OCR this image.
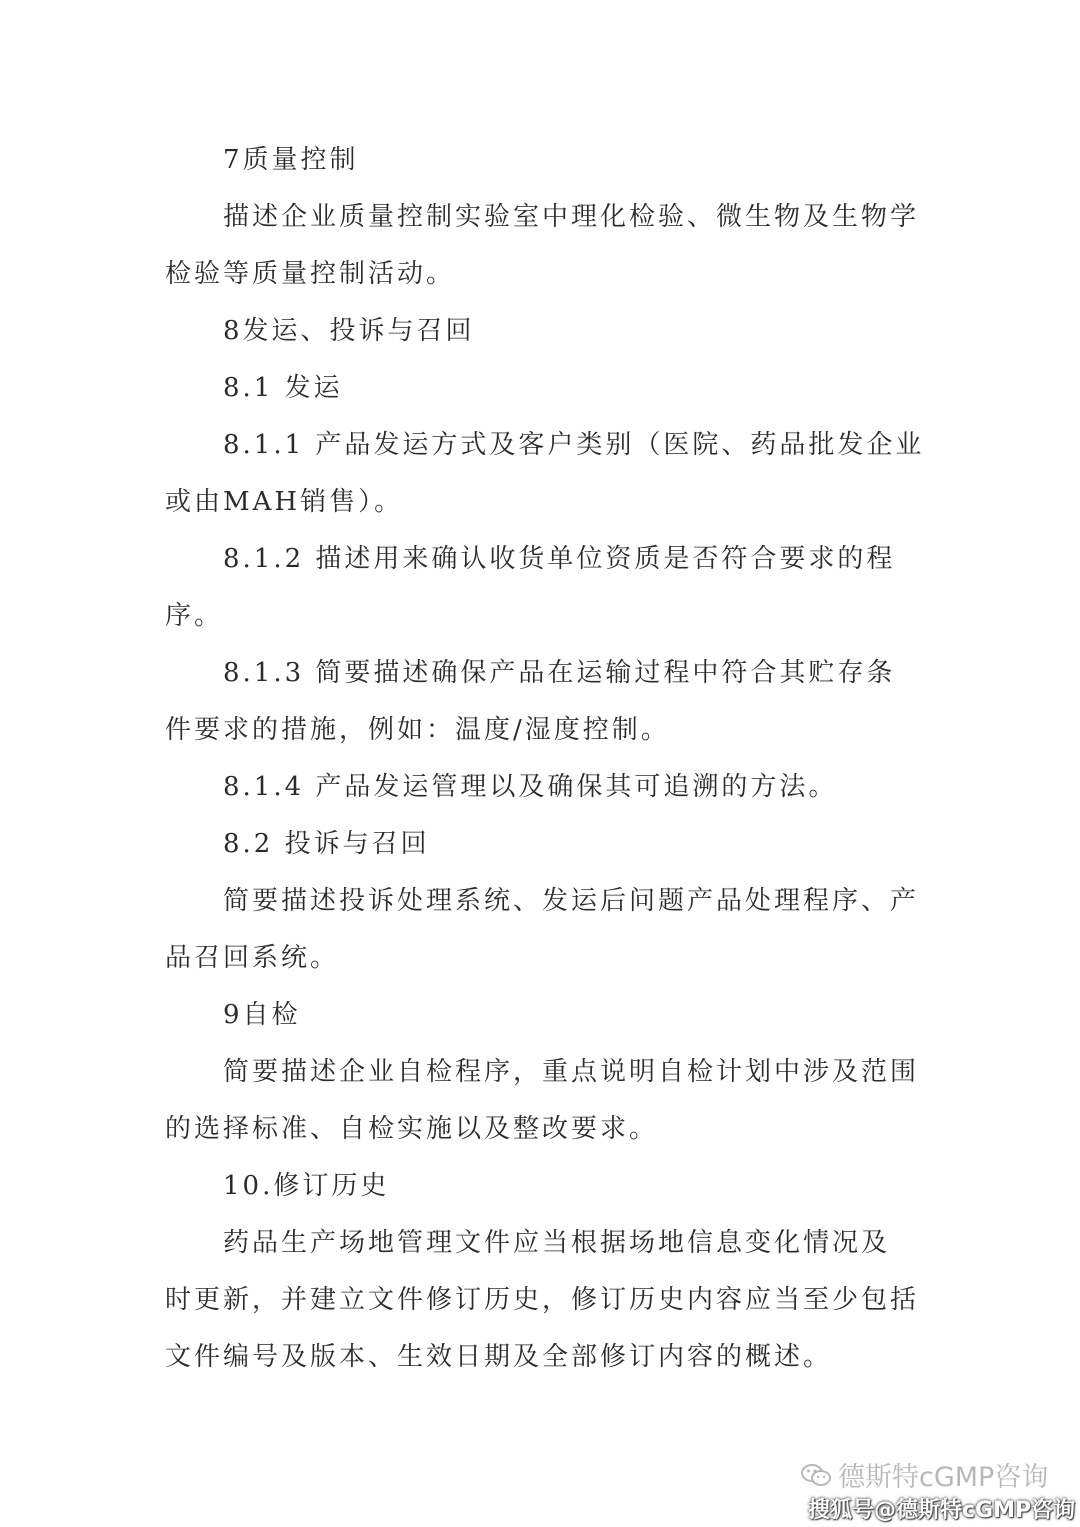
7质量控制
描述企业质量控制实验室中理化检验、微生物及生物学
检验等质量控制活动。
8发运、投诉与召回
8.1 发运
8.1.1 产品发运方式及客户类别（医院、药品批发企业
或由MAH销售）。
8.1.2 描述用来确认收货单位资质是否符合要求的程
序。
8.1.3 简要描述确保产品在运输过程中符合其贮存条
件要求的措施，例如：温度/湿度控制。
8.1.4 产品发运管理以及确保其可追溯的方法。
8.2 投诉与召回
简要描述投诉处理系统、发运后问题产品处理程序、产
品召回系统。
9自检
简要描述企业自检程序，重点说明自检计划中涉及范围
的选择标准、自检实施以及整改要求。
10.修订历史
药品生产场地管理文件应当根据场地信息变化情况及
时更新，并建立文件修订历史，修订历史内容应当至少包括
文件编号及版本、生效日期及全部修订内容的概述。
德斯特cGMP咨询
搜狐号@德斯特cGMP咨询
